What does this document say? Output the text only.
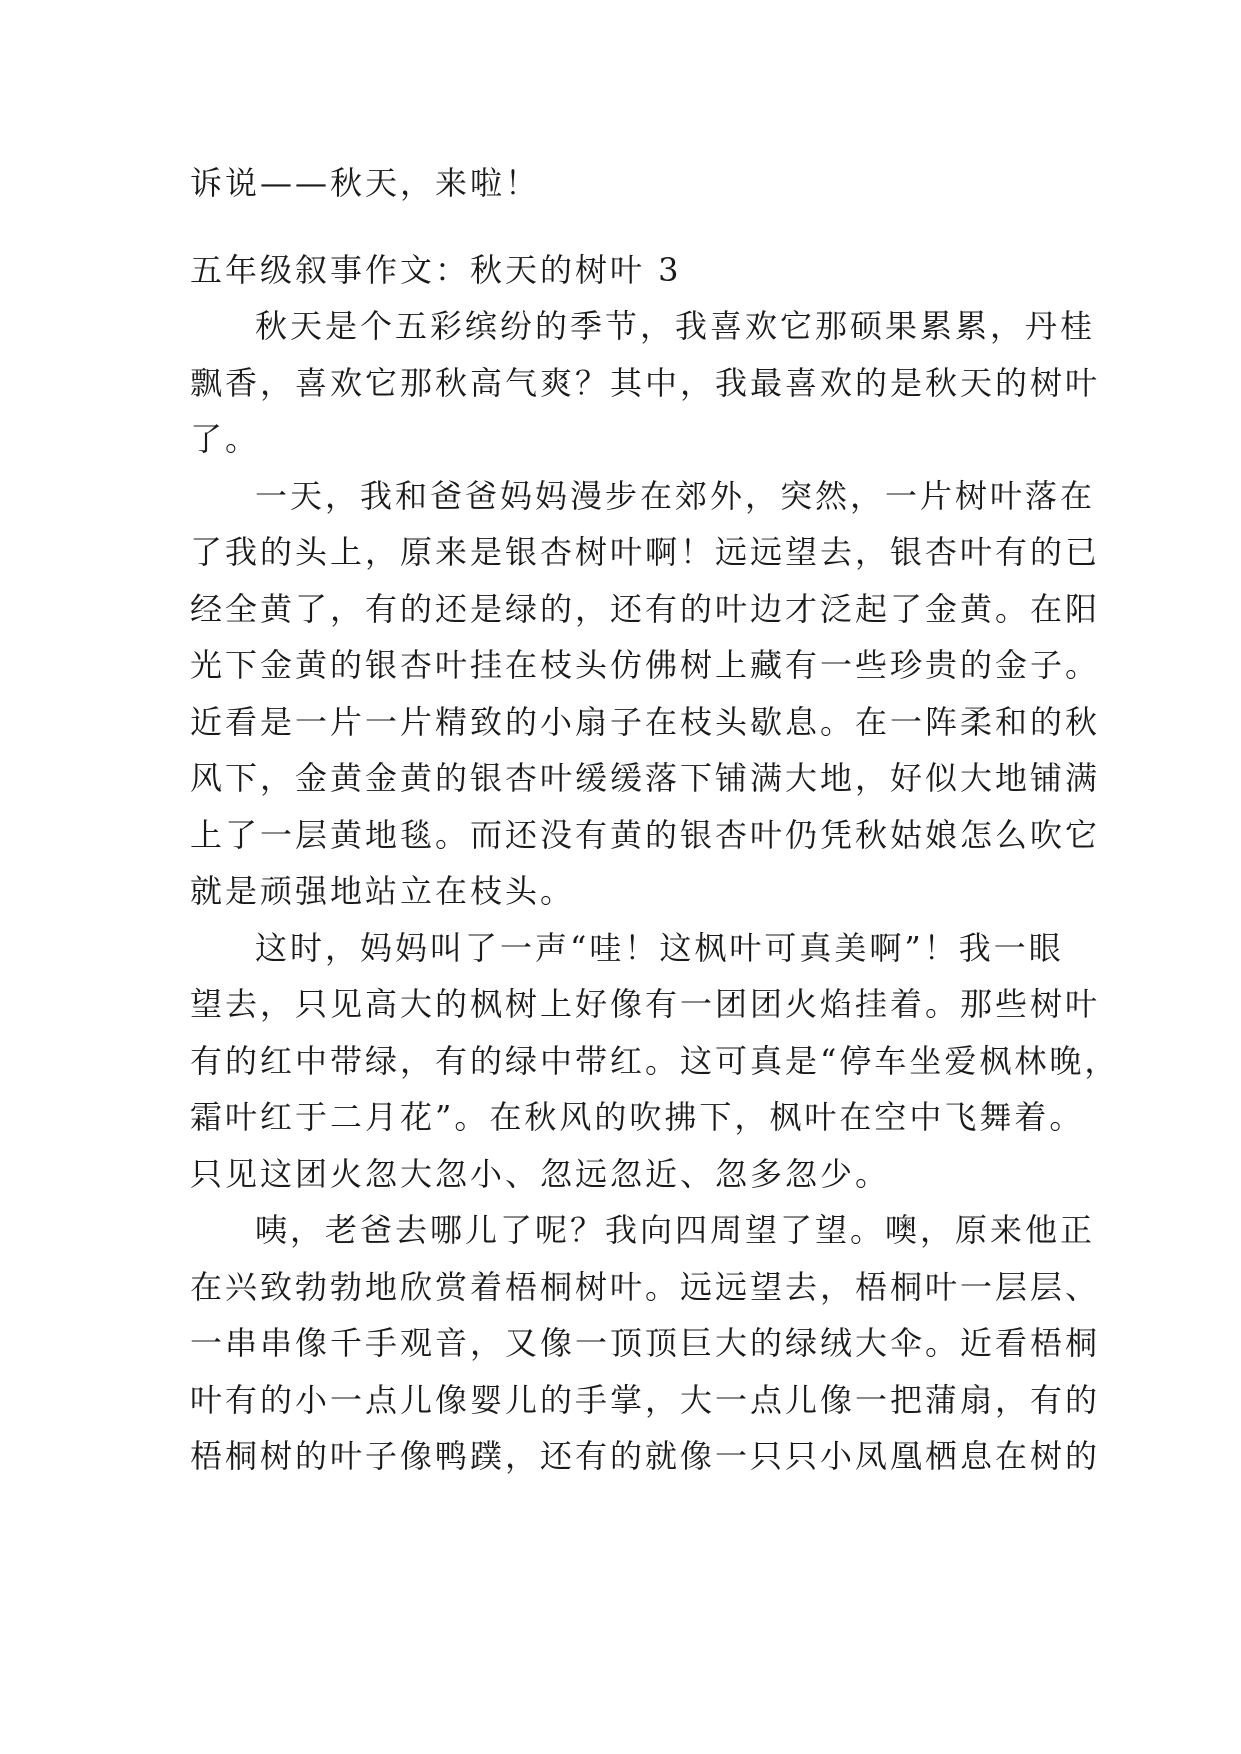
诉说——秋天，来啦！
五年级叙事作文：秋天的树叶 3
秋天是个五彩缤纷的季节，我喜欢它那硕果累累，丹桂
飘香，喜欢它那秋高气爽？其中，我最喜欢的是秋天的树叶
了。
一天，我和爸爸妈妈漫步在郊外，突然，一片树叶落在
了我的头上，原来是银杏树叶啊！远远望去，银杏叶有的已
经全黄了，有的还是绿的，还有的叶边才泛起了金黄。在阳
光下金黄的银杏叶挂在枝头仿佛树上藏有一些珍贵的金子。
近看是一片一片精致的小扇子在枝头歇息。在一阵柔和的秋
风下，金黄金黄的银杏叶缓缓落下铺满大地，好似大地铺满
上了一层黄地毯。而还没有黄的银杏叶仍凭秋姑娘怎么吹它
就是顽强地站立在枝头。
这时，妈妈叫了一声“哇！这枫叶可真美啊”！我一眼
望去，只见高大的枫树上好像有一团团火焰挂着。那些树叶
有的红中带绿，有的绿中带红。这可真是“停车坐爱枫林晚，
霜叶红于二月花”。在秋风的吹拂下，枫叶在空中飞舞着。
只见这团火忽大忽小、忽远忽近、忽多忽少。
咦，老爸去哪儿了呢？我向四周望了望。噢，原来他正
在兴致勃勃地欣赏着梧桐树叶。远远望去，梧桐叶一层层、
一串串像千手观音，又像一顶顶巨大的绿绒大伞。近看梧桐
叶有的小一点儿像婴儿的手掌，大一点儿像一把蒲扇，有的
梧桐树的叶子像鸭蹼，还有的就像一只只小凤凰栖息在树的
